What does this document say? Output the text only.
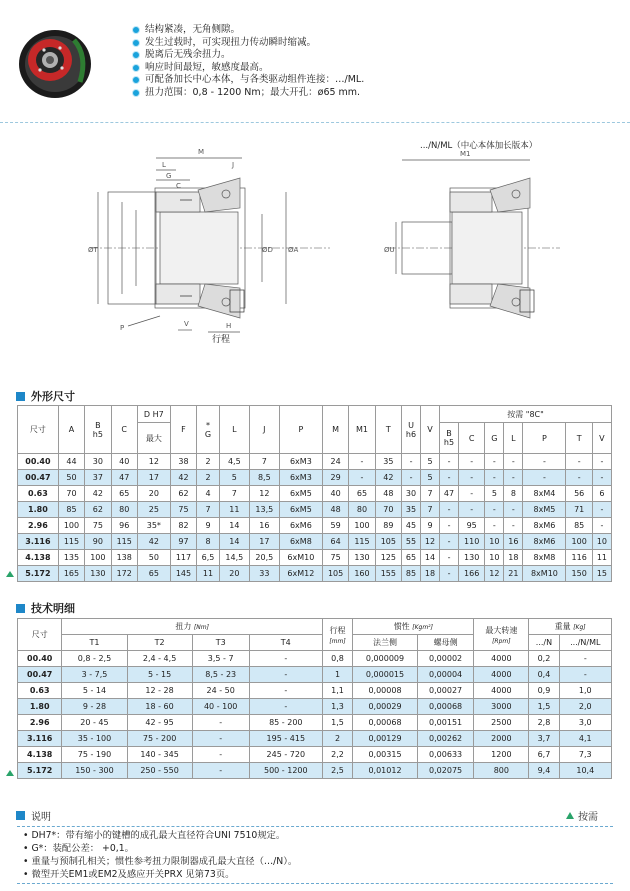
结构紧凑，无角侧隙。
发生过载时，可实现扭力传动瞬时缩减。
脱离后无残余扭力。
响应时间最短，敏感度最高。
可配备加长中心本体，与各类驱动组件连接：…/ML.
扭力范围：0,8 - 1200 Nm；最大开孔：ø65 mm.
M
L	J
G
C
ØT	ØD ØA
P	V	H
行程
.../N/ML（中心本体加长版本）
M1
ØU
外形尺寸
尺寸	A	B
h5	C	D H7	F	*
G	L	J	P	M	M1	T	U
h6	V	按需 "8C"						
				最大											B
h5	C	G	L	P	T	V
00.40	44	30	40	12	38	2	4,5	7	6xM3	24	-	35	-	5	-	-	-	-	-	-	-
00.47	50	37	47	17	42	2	5	8,5	6xM3	29	-	42	-	5	-	-	-	-	-	-	-
0.63	70	42	65	20	62	4	7	12	6xM5	40	65	48	30	7	47	-	5	8	8xM4	56	6
1.80	85	62	80	25	75	7	11	13,5	6xM5	48	80	70	35	7	-	-	-	-	8xM5	71	-
2.96	100	75	96	35*	82	9	14	16	6xM6	59	100	89	45	9	-	95	-	-	8xM6	85	-
3.116	115	90	115	42	97	8	14	17	6xM8	64	115	105	55	12	-	110	10	16	8xM6	100	10
4.138	135	100	138	50	117	6,5	14,5	20,5	6xM10	75	130	125	65	14	-	130	10	18	8xM8	116	11
5.172	165	130	172	65	145	11	20	33	6xM12	105	160	155	85	18	-	166	12	21	8xM10	150	15
技术明细
尺寸	扭力 [Nm]				行程
[mm]	惯性 [Kgm²]		最大转速
[Rpm]	重量 [Kg]	
	T1	T2	T3	T4		法兰侧	螺母侧		.../N	.../N/ML
00.40	0,8 - 2,5	2,4 - 4,5	3,5 - 7	-	0,8	0,000009	0,00002	4000	0,2	-
00.47	3 - 7,5	5 - 15	8,5 - 23	-	1	0,000015	0,00004	4000	0,4	-
0.63	5 - 14	12 - 28	24 - 50	-	1,1	0,00008	0,00027	4000	0,9	1,0
1.80	9 - 28	18 - 60	40 - 100	-	1,3	0,00029	0,00068	3000	1,5	2,0
2.96	20 - 45	42 - 95	-	85 - 200	1,5	0,00068	0,00151	2500	2,8	3,0
3.116	35 - 100	75 - 200	-	195 - 415	2	0,00129	0,00262	2000	3,7	4,1
4.138	75 - 190	140 - 345	-	245 - 720	2,2	0,00315	0,00633	1200	6,7	7,3
5.172	150 - 300	250 - 550	-	500 - 1200	2,5	0,01012	0,02075	800	9,4	10,4
说明	按需
• DH7*：带有缩小的键槽的成孔最大直径符合UNI 7510规定。
• G*：装配公差： +0,1。
• 重量与预制孔相关；惯性参考扭力限制器成孔最大直径（…/N）。
• 微型开关EM1或EM2及感应开关PRX 见第73页。
